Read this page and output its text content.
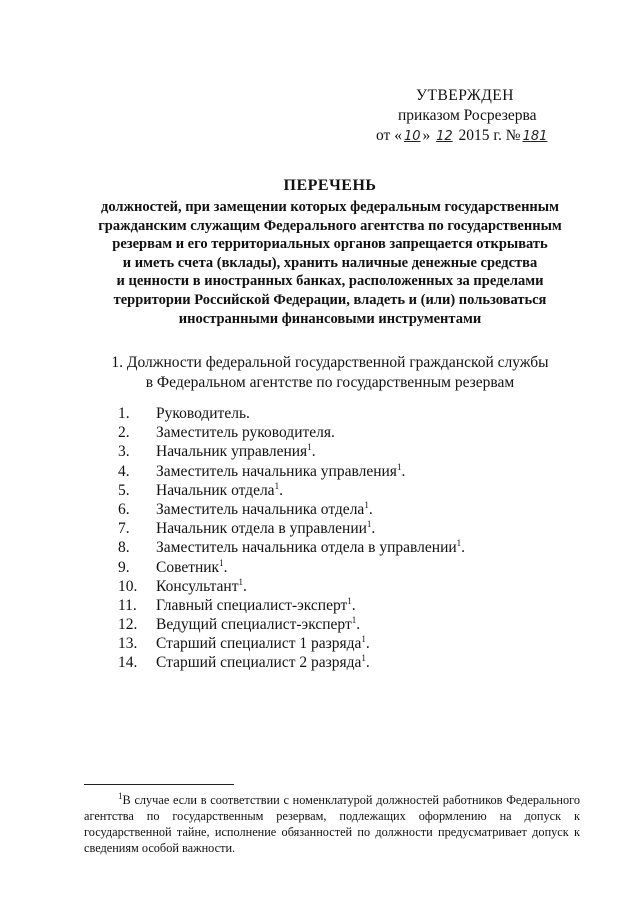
УТВЕРЖДЕН
приказом Росрезерва
от « 10 » 12 2015 г. № 181
ПЕРЕЧЕНЬ
должностей, при замещении которых федеральным государственным
гражданским служащим Федерального агентства по государственным
резервам и его территориальных органов запрещается открывать
и иметь счета (вклады), хранить наличные денежные средства
и ценности в иностранных банках, расположенных за пределами
территории Российской Федерации, владеть и (или) пользоваться
иностранными финансовыми инструментами
1. Должности федеральной государственной гражданской службы
в Федеральном агентстве по государственным резервам
1.	Руководитель.
2.	Заместитель руководителя.
3.	Начальник управления$^1$.
4.	Заместитель начальника управления$^1$.
5.	Начальник отдела$^1$.
6.	Заместитель начальника отдела$^1$.
7.	Начальник отдела в управлении$^1$.
8.	Заместитель начальника отдела в управлении$^1$.
9.	Советник$^1$.
10.	Консультант$^1$.
11.	Главный специалист-эксперт$^1$.
12.	Ведущий специалист-эксперт$^1$.
13.	Старший специалист 1 разряда$^1$.
14.	Старший специалист 2 разряда$^1$.
$^1$В случае если в соответствии с номенклатурой должностей работников Федерального агентства по государственным резервам, подлежащих оформлению на допуск к государственной тайне, исполнение обязанностей по должности предусматривает допуск к сведениям особой важности.
